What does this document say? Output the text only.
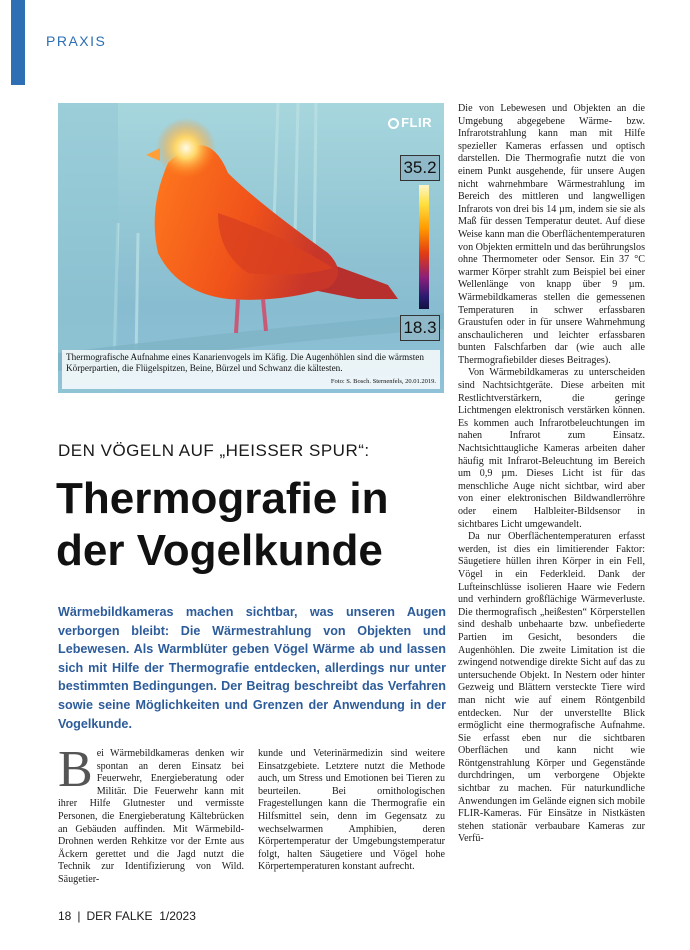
PRAXIS
FLIR
35.2
18.3
Thermografische Aufnahme eines Kanarienvogels im Käfig. Die Augenhöhlen sind die wärmsten Körperpartien, die Flügelspitzen, Beine, Bürzel und Schwanz die kältesten.
Foto: S. Bosch. Sternenfels, 20.01.2019.
DEN VÖGELN AUF „HEISSER SPUR“:
Thermografie in
der Vogelkunde
Wärmebildkameras machen sichtbar, was unseren Augen verborgen bleibt: Die Wärmestrahlung von Objekten und Lebewesen. Als Warmblüter geben Vögel Wärme ab und lassen sich mit Hilfe der Thermografie entdecken, allerdings nur unter bestimmten Bedingungen. Der Beitrag beschreibt das Verfahren sowie seine Möglichkeiten und Grenzen der Anwendung in der Vogelkunde.

Bei Wärmebildkameras denken wir spontan an deren Einsatz bei Feuerwehr, Energieberatung oder Militär. Die Feuerwehr kann mit ihrer Hilfe Glutnester und vermisste Personen, die Energieberatung Kältebrücken an Gebäuden auffinden. Mit Wärmebild-Drohnen werden Rehkitze vor der Ernte aus Äckern gerettet und die Jagd nutzt die Technik zur Identifizierung von Wild. Säugetier-

kunde und Veterinärmedizin sind weitere Einsatzgebiete. Letztere nutzt die Methode auch, um Stress und Emotionen bei Tieren zu beurteilen. Bei ornithologischen Fragestellungen kann die Thermografie ein Hilfsmittel sein, denn im Gegensatz zu wechselwarmen Amphibien, deren Körpertemperatur der Umgebungstemperatur folgt, halten Säugetiere und Vögel hohe Körpertemperaturen konstant aufrecht.

Die von Lebewesen und Objekten an die Umgebung abgegebene Wärme- bzw. Infrarotstrahlung kann man mit Hilfe spezieller Kameras erfassen und optisch darstellen. Die Thermografie nutzt die von einem Punkt ausgehende, für unsere Augen nicht wahrnehmbare Wärmestrahlung im Bereich des mittleren und langwelligen Infrarots von drei bis 14 µm, indem sie sie als Maß für dessen Temperatur deutet. Auf diese Weise kann man die Oberflächentemperaturen von Objekten ermitteln und das berührungslos ohne Thermometer oder Sensor. Ein 37 °C warmer Körper strahlt zum Beispiel bei einer Wellenlänge von knapp über 9 µm. Wärmebildkameras stellen die gemessenen Temperaturen in schwer erfassbaren Graustufen oder in für unsere Wahrnehmung anschaulicheren und leichter erfassbaren bunten Falschfarben dar (wie auch alle Thermografiebilder dieses Beitrages).

Von Wärmebildkameras zu unterscheiden sind Nachtsichtgeräte. Diese arbeiten mit Restlichtverstärkern, die geringe Lichtmengen elektronisch verstärken können. Es kommen auch Infrarotbeleuchtungen im nahen Infrarot zum Einsatz. Nachtsichttaugliche Kameras arbeiten daher häufig mit Infrarot-Beleuchtung im Bereich um 0,9 µm. Dieses Licht ist für das menschliche Auge nicht sichtbar, wird aber von einer elektronischen Bildwandlerröhre oder einem Halbleiter-Bildsensor in sichtbares Licht umgewandelt.

Da nur Oberflächentemperaturen erfasst werden, ist dies ein limitierender Faktor: Säugetiere hüllen ihren Körper in ein Fell, Vögel in ein Federkleid. Dank der Lufteinschlüsse isolieren Haare wie Federn und verhindern großflächige Wärmeverluste. Die thermografisch „heißesten“ Körperstellen sind deshalb unbehaarte bzw. unbefiederte Partien im Gesicht, besonders die Augenhöhlen. Die zweite Limitation ist die zwingend notwendige direkte Sicht auf das zu untersuchende Objekt. In Nestern oder hinter Gezweig und Blättern versteckte Tiere wird man nicht wie auf einem Röntgenbild entdecken. Nur der unverstellte Blick ermöglicht eine thermografische Aufnahme. Sie erfasst eben nur die sichtbaren Oberflächen und kann nicht wie Röntgenstrahlung Körper und Gegenstände durchdringen, um verborgene Objekte sichtbar zu machen. Für naturkundliche Anwendungen im Gelände eignen sich mobile FLIR-Kameras. Für Einsätze in Nistkästen stehen stationär verbaubare Kameras zur Verfü-

18 | DER FALKE 1/2023
